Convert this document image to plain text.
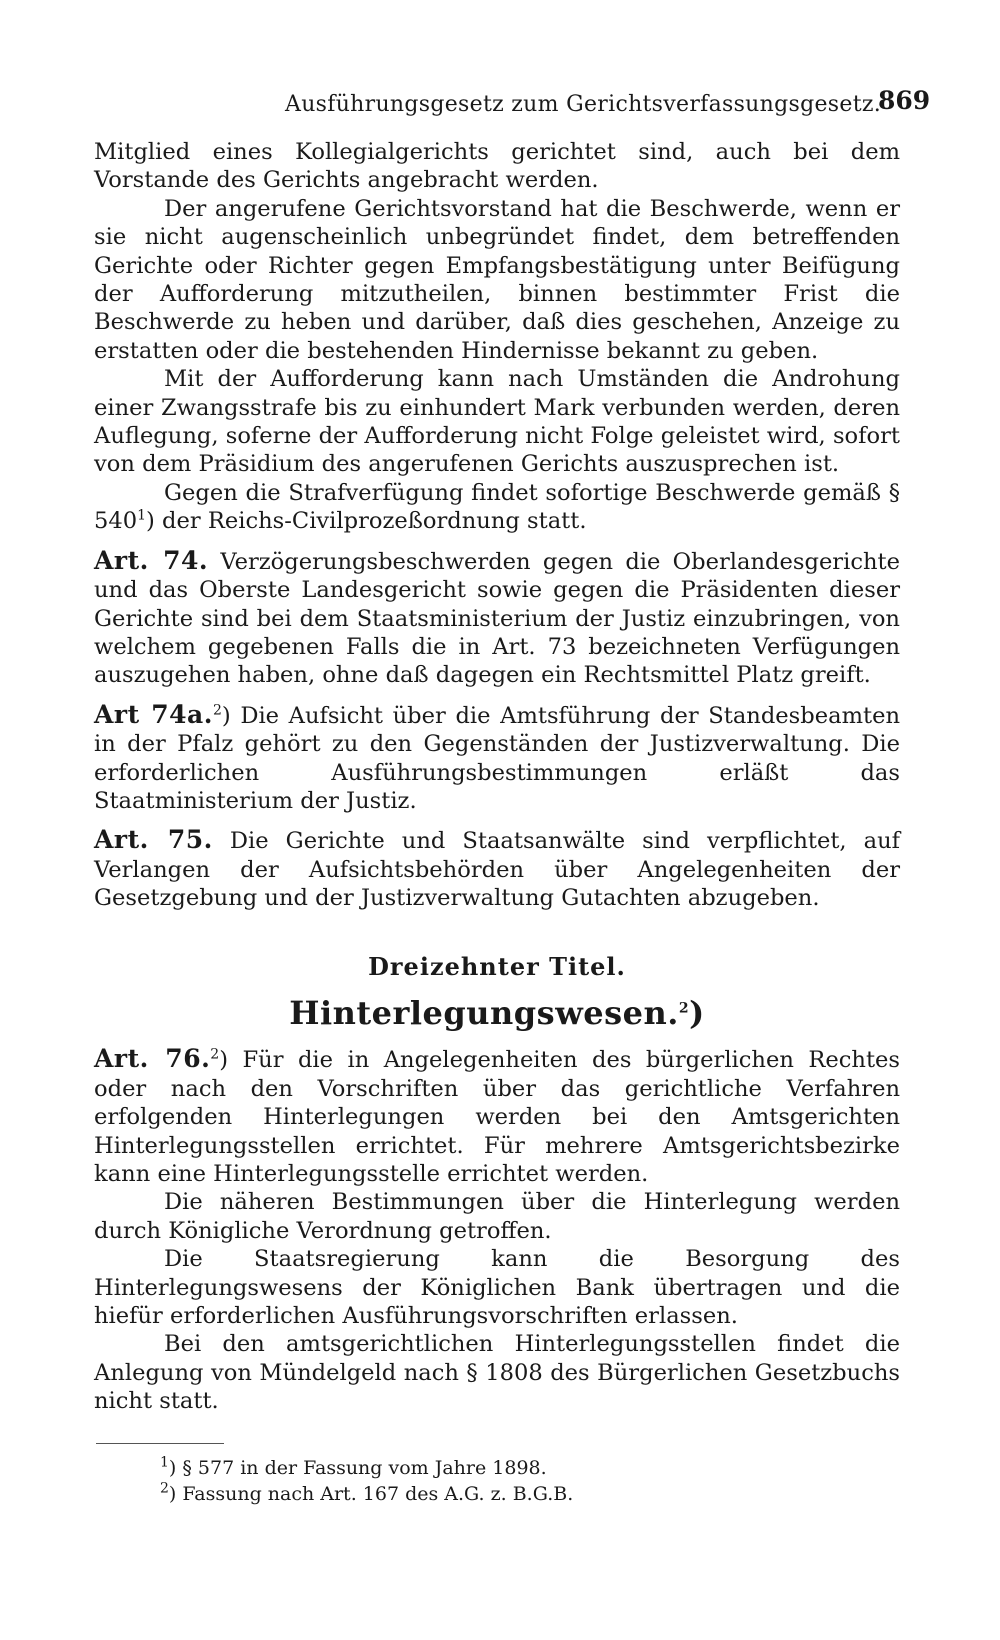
Ausführungsgesetz zum Gerichtsverfassungsgesetz.
869

Mitglied eines Kollegialgerichts gerichtet sind, auch bei dem Vorstande des Gerichts angebracht werden.

Der angerufene Gerichtsvorstand hat die Beschwerde, wenn er sie nicht augenscheinlich unbegründet findet, dem betreffenden Gerichte oder Richter gegen Empfangsbestätigung unter Beifügung der Aufforderung mitzutheilen, binnen bestimmter Frist die Beschwerde zu heben und darüber, daß dies geschehen, Anzeige zu erstatten oder die bestehenden Hindernisse bekannt zu geben.

Mit der Aufforderung kann nach Umständen die Androhung einer Zwangsstrafe bis zu einhundert Mark verbunden werden, deren Auflegung, soferne der Aufforderung nicht Folge geleistet wird, sofort von dem Präsidium des angerufenen Gerichts auszusprechen ist.

Gegen die Strafverfügung findet sofortige Beschwerde gemäß § $540^1$) der Reichs-Civilprozeßordnung statt.

Art. 74. Verzögerungsbeschwerden gegen die Oberlandesgerichte und das Oberste Landesgericht sowie gegen die Präsidenten dieser Gerichte sind bei dem Staatsministerium der Justiz einzubringen, von welchem gegebenen Falls die in Art. 73 bezeichneten Verfügungen auszugehen haben, ohne daß dagegen ein Rechtsmittel Platz greift.

Art 74a.$^2$) Die Aufsicht über die Amtsführung der Standesbeamten in der Pfalz gehört zu den Gegenständen der Justizverwaltung. Die erforderlichen Ausführungsbestimmungen erläßt das Staatministerium der Justiz.

Art. 75. Die Gerichte und Staatsanwälte sind verpflichtet, auf Verlangen der Aufsichtsbehörden über Angelegenheiten der Gesetzgebung und der Justizverwaltung Gutachten abzugeben.

Dreizehnter Titel.
Hinterlegungswesen.$^2$)

Art. 76.$^2$) Für die in Angelegenheiten des bürgerlichen Rechtes oder nach den Vorschriften über das gerichtliche Verfahren erfolgenden Hinterlegungen werden bei den Amtsgerichten Hinterlegungsstellen errichtet. Für mehrere Amtsgerichtsbezirke kann eine Hinterlegungsstelle errichtet werden.

Die näheren Bestimmungen über die Hinterlegung werden durch Königliche Verordnung getroffen.

Die Staatsregierung kann die Besorgung des Hinterlegungswesens der Königlichen Bank übertragen und die hiefür erforderlichen Ausführungsvorschriften erlassen.

Bei den amtsgerichtlichen Hinterlegungsstellen findet die Anlegung von Mündelgeld nach § 1808 des Bürgerlichen Gesetzbuchs nicht statt.

$^1$) § 577 in der Fassung vom Jahre 1898.

$^2$) Fassung nach Art. 167 des A.G. z. B.G.B.
